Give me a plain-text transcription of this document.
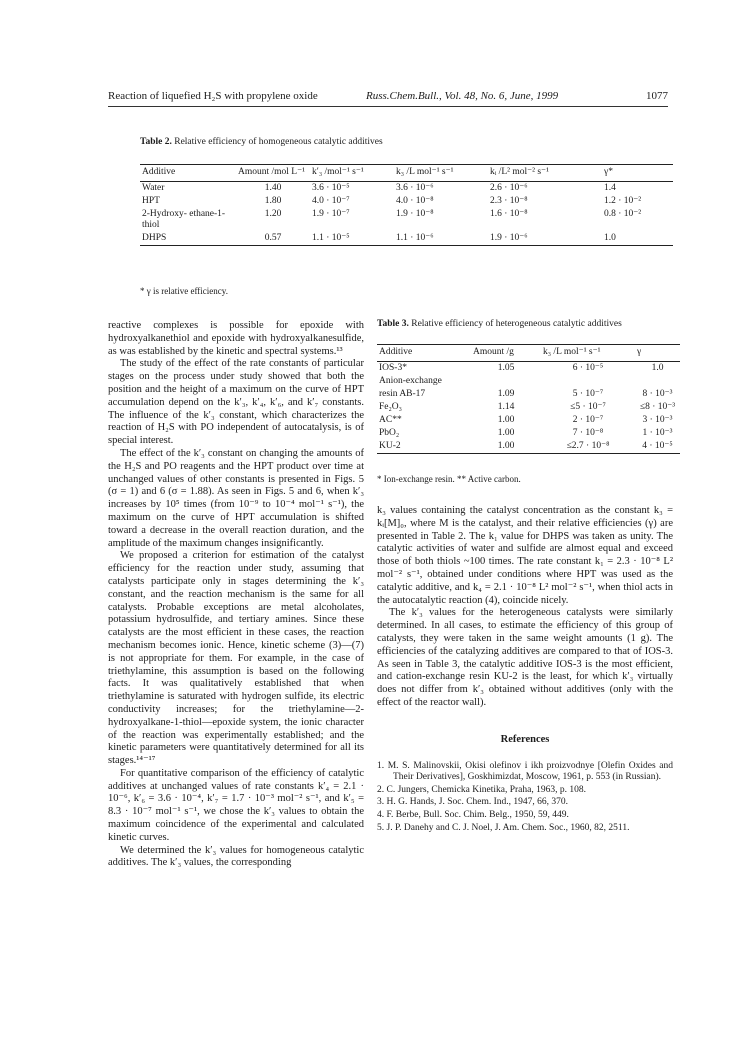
Reaction of liquefied H₂S with propylene oxide	Russ.Chem.Bull., Vol. 48, No. 6, June, 1999	1077
Table 2. Relative efficiency of homogeneous catalytic additives
Additive	Amount /mol L⁻¹	k′₃ /mol⁻¹ s⁻¹	k₃ /L mol⁻¹ s⁻¹	kᵢ /L² mol⁻² s⁻¹	γ*
Water	1.40	3.6 · 10⁻⁵	3.6 · 10⁻⁶	2.6 · 10⁻⁶	1.4
HPT	1.80	4.0 · 10⁻⁷	4.0 · 10⁻⁸	2.3 · 10⁻⁸	1.2 · 10⁻²
2-Hydroxy- ethane-1-thiol	1.20	1.9 · 10⁻⁷	1.9 · 10⁻⁸	1.6 · 10⁻⁸	0.8 · 10⁻²
DHPS	0.57	1.1 · 10⁻⁵	1.1 · 10⁻⁶	1.9 · 10⁻⁶	1.0
* γ is relative efficiency.
Table 3. Relative efficiency of heterogeneous catalytic additives
Additive	Amount /g	k₃ /L mol⁻¹ s⁻¹	γ
IOS-3*	1.05	6 · 10⁻⁵	1.0
Anion-exchange			
resin AB-17	1.09	5 · 10⁻⁷	8 · 10⁻³
Fe₂O₃	1.14	≤5 · 10⁻⁷	≤8 · 10⁻³
AC**	1.00	2 · 10⁻⁷	3 · 10⁻³
PbO₂	1.00	7 · 10⁻⁸	1 · 10⁻³
KU-2	1.00	≤2.7 · 10⁻⁸	4 · 10⁻⁵
* Ion-exchange resin. ** Active carbon.

reactive complexes is possible for epoxide with hydroxyalkanethiol and epoxide with hydroxyalkanesulfide, as was established by the kinetic and spectral systems.¹³

The study of the effect of the rate constants of particular stages on the process under study showed that both the position and the height of a maximum on the curve of HPT accumulation depend on the k′₃, k′₄, k′₆, and k′₇ constants. The influence of the k′₃ constant, which characterizes the reaction of H₂S with PO independent of autocatalysis, is of special interest.

The effect of the k′₃ constant on changing the amounts of the H₂S and PO reagents and the HPT product over time at unchanged values of other constants is presented in Figs. 5 (σ = 1) and 6 (σ = 1.88). As seen in Figs. 5 and 6, when k′₃ increases by 10⁵ times (from 10⁻⁹ to 10⁻⁴ mol⁻¹ s⁻¹), the maximum on the curve of HPT accumulation is shifted toward a decrease in the overall reaction duration, and the amplitude of the maximum changes insignificantly.

We proposed a criterion for estimation of the catalyst efficiency for the reaction under study, assuming that catalysts participate only in stages determining the k′₃ constant, and the reaction mechanism is the same for all catalysts. Probable exceptions are metal alcoholates, potassium hydrosulfide, and tertiary amines. Since these catalysts are the most efficient in these cases, the reaction mechanism becomes ionic. Hence, kinetic scheme (3)—(7) is not appropriate for them. For example, in the case of triethylamine, this assumption is based on the following facts. It was qualitatively established that when triethylamine is saturated with hydrogen sulfide, its electric conductivity increases; for the triethylamine—2-hydroxyalkane-1-thiol—epoxide system, the ionic character of the reaction was experimentally established; and the kinetic parameters were quantitatively determined for all its stages.¹⁴⁻¹⁷

For quantitative comparison of the efficiency of catalytic additives at unchanged values of rate constants k′₄ = 2.1 · 10⁻⁶, k′₆ = 3.6 · 10⁻⁴, k′₇ = 1.7 · 10⁻³ mol⁻² s⁻¹, and k′₅ = 8.3 · 10⁻⁷ mol⁻¹ s⁻¹, we chose the k′₃ values to obtain the maximum coincidence of the experimental and calculated kinetic curves.

We determined the k′₃ values for homogeneous catalytic additives. The k′₃ values, the corresponding

k₃ values containing the catalyst concentration as the constant k₃ = kᵢ[M]₀, where M is the catalyst, and their relative efficiencies (γ) are presented in Table 2. The k₁ value for DHPS was taken as unity. The catalytic activities of water and sulfide are almost equal and exceed those of both thiols ~100 times. The rate constant k₁ = 2.3 · 10⁻⁸ L² mol⁻² s⁻¹, obtained under conditions where HPT was used as the catalytic additive, and k₄ = 2.1 · 10⁻⁸ L² mol⁻² s⁻¹, when thiol acts in the autocatalytic reaction (4), coincide nicely.

The k′₃ values for the heterogeneous catalysts were similarly determined. In all cases, to estimate the efficiency of this group of catalysts, they were taken in the same weight amounts (1 g). The efficiencies of the catalyzing additives are compared to that of IOS-3. As seen in Table 3, the catalytic additive IOS-3 is the most efficient, and cation-exchange resin KU-2 is the least, for which k′₃ virtually does not differ from k′₃ obtained without additives (only with the effect of the reactor wall).

References
1. M. S. Malinovskii, Okisi olefinov i ikh proizvodnye [Olefin Oxides and Their Derivatives], Goskhimizdat, Moscow, 1961, p. 553 (in Russian).
2. C. Jungers, Chemicka Kinetika, Praha, 1963, p. 108.
3. H. G. Hands, J. Soc. Chem. Ind., 1947, 66, 370.
4. F. Berbe, Bull. Soc. Chim. Belg., 1950, 59, 449.
5. J. P. Danehy and C. J. Noel, J. Am. Chem. Soc., 1960, 82, 2511.
